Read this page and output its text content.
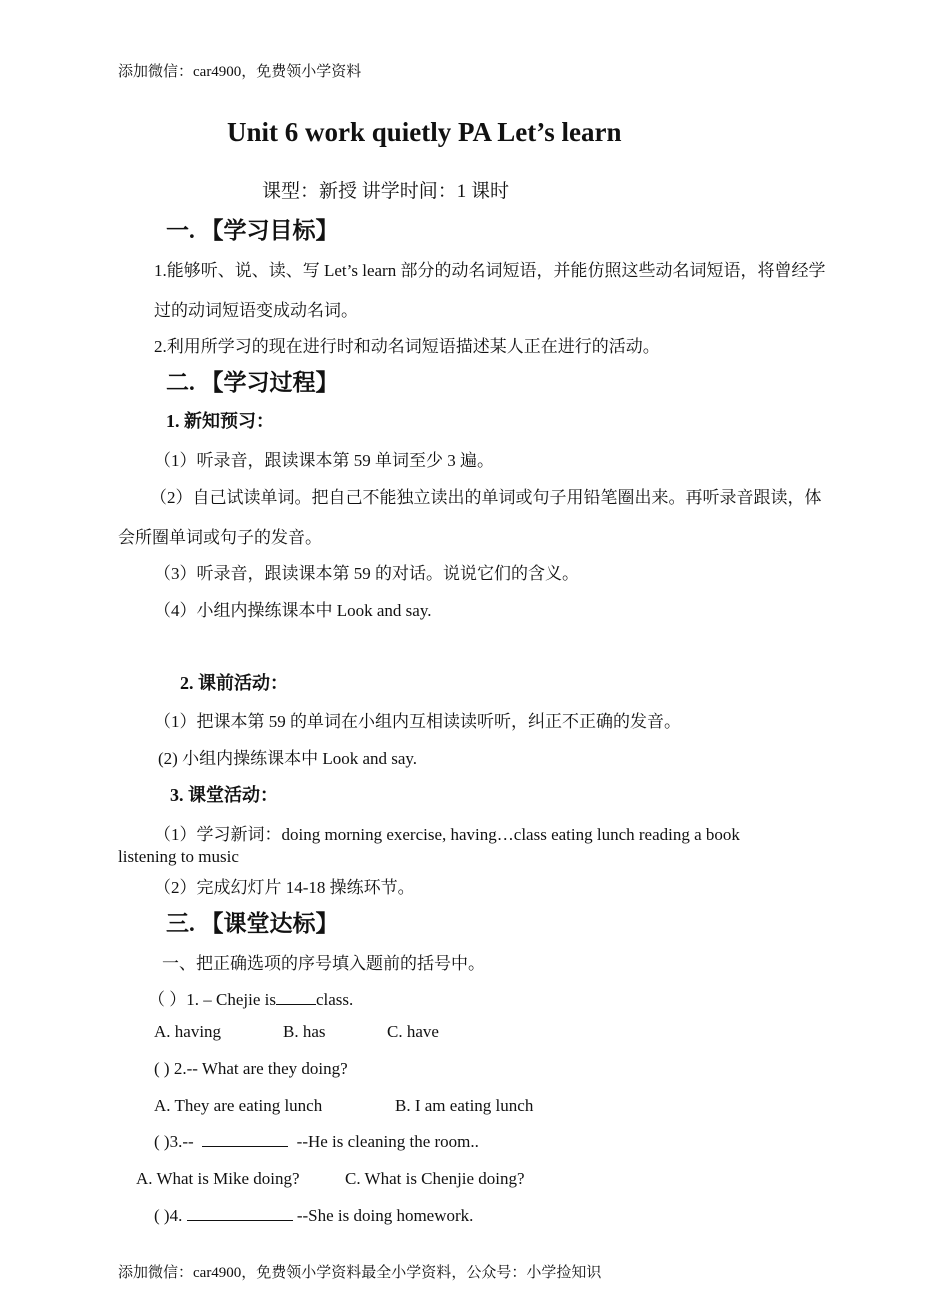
添加微信：car4900，免费领小学资料
Unit 6 work quietly PA Let’s learn
课型：新授 讲学时间：1 课时
一. 【学习目标】
1.能够听、说、读、写 Let’s learn 部分的动名词短语，并能仿照这些动名词短语，将曾经学
过的动词短语变成动名词。
2.利用所学习的现在进行时和动名词短语描述某人正在进行的活动。
二. 【学习过程】
1. 新知预习：
（1）听录音，跟读课本第 59 单词至少 3 遍。
（2）自己试读单词。把自己不能独立读出的单词或句子用铅笔圈出来。再听录音跟读，体
会所圈单词或句子的发音。
（3）听录音，跟读课本第 59 的对话。说说它们的含义。
（4）小组内操练课本中 Look and say.
2. 课前活动：
（1）把课本第 59 的单词在小组内互相读读听听，纠正不正确的发音。
(2) 小组内操练课本中 Look and say.
3. 课堂活动：
（1）学习新词：doing morning exercise, having…class eating lunch reading a book
listening to music
（2）完成幻灯片 14-18 操练环节。
三. 【课堂达标】
一、把正确选项的序号填入题前的括号中。
（ ）1. – Chejie is class.
A. having	B. has	C. have
( ) 2.-- What are they doing?
A. They are eating lunch	B. I am eating lunch
( )3.--	--He is cleaning the room..
A. What is Mike doing?	C. What is Chenjie doing?
( )4.	--She is doing homework.
添加微信：car4900，免费领小学资料最全小学资料，公众号：小学捡知识
